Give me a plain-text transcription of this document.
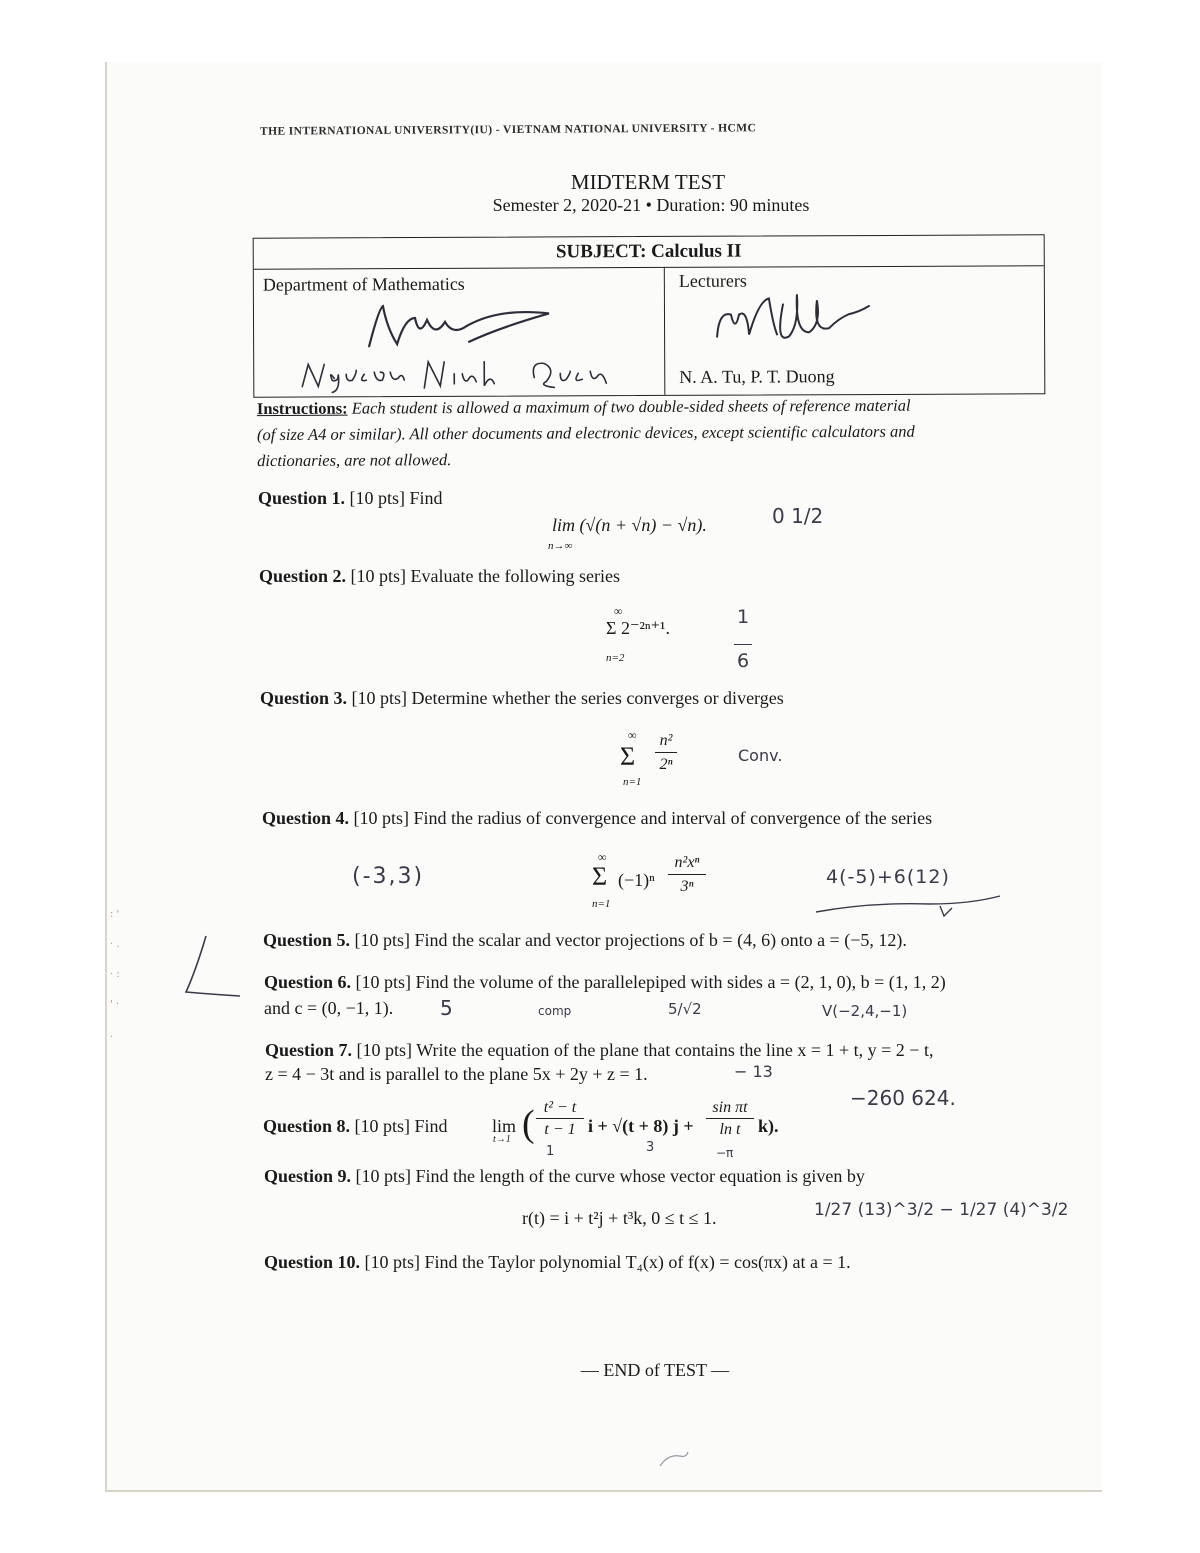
: ' · . · : ' · .
THE INTERNATIONAL UNIVERSITY(IU) - VIETNAM NATIONAL UNIVERSITY - HCMC
MIDTERM TEST
Semester 2, 2020-21 • Duration: 90 minutes
SUBJECT: Calculus II
Department of Mathematics	Lecturers
N. A. Tu, P. T. Duong
Instructions: Each student is allowed a maximum of two double-sided sheets of reference material
(of size A4 or similar). All other documents and electronic devices, except scientific calculators and
dictionaries, are not allowed.
Question 1. [10 pts] Find
lim (√(n + √n) − √n).
n→∞
0 1/2
Question 2. [10 pts] Evaluate the following series
∞
Σ 2⁻²ⁿ⁺¹.
n=2
1

6
Question 3. [10 pts] Determine whether the series converges or diverges
∞
Σ
n²

2ⁿ
n=1
Conv.
Question 4. [10 pts] Find the radius of convergence and interval of convergence of the series
∞
Σ (−1)ⁿ
n²xⁿ

3ⁿ
n=1
(-3,3)	4(-5)+6(12)
Question 5. [10 pts] Find the scalar and vector projections of b = (4, 6) onto a = (−5, 12).
Question 6. [10 pts] Find the volume of the parallelepiped with sides a = (2, 1, 0), b = (1, 1, 2)
and c = (0, −1, 1). 5	comp	5/√2	V(−2,4,−1)
Question 7. [10 pts] Write the equation of the plane that contains the line x = 1 + t, y = 2 − t,
z = 4 − 3t and is parallel to the plane 5x + 2y + z = 1.	− 13
−260 624.
Question 8. [10 pts] Find lim
t→1 ( t² − t

t − 1 i + √(t + 8) j +
sin πt

ln t k).
1	3	−π
Question 9. [10 pts] Find the length of the curve whose vector equation is given by
r(t) = i + t²j + t³k, 0 ≤ t ≤ 1.	1/27 (13)^3/2 − 1/27 (4)^3/2
Question 10. [10 pts] Find the Taylor polynomial T₄(x) of f(x) = cos(πx) at a = 1.
— END of TEST —
